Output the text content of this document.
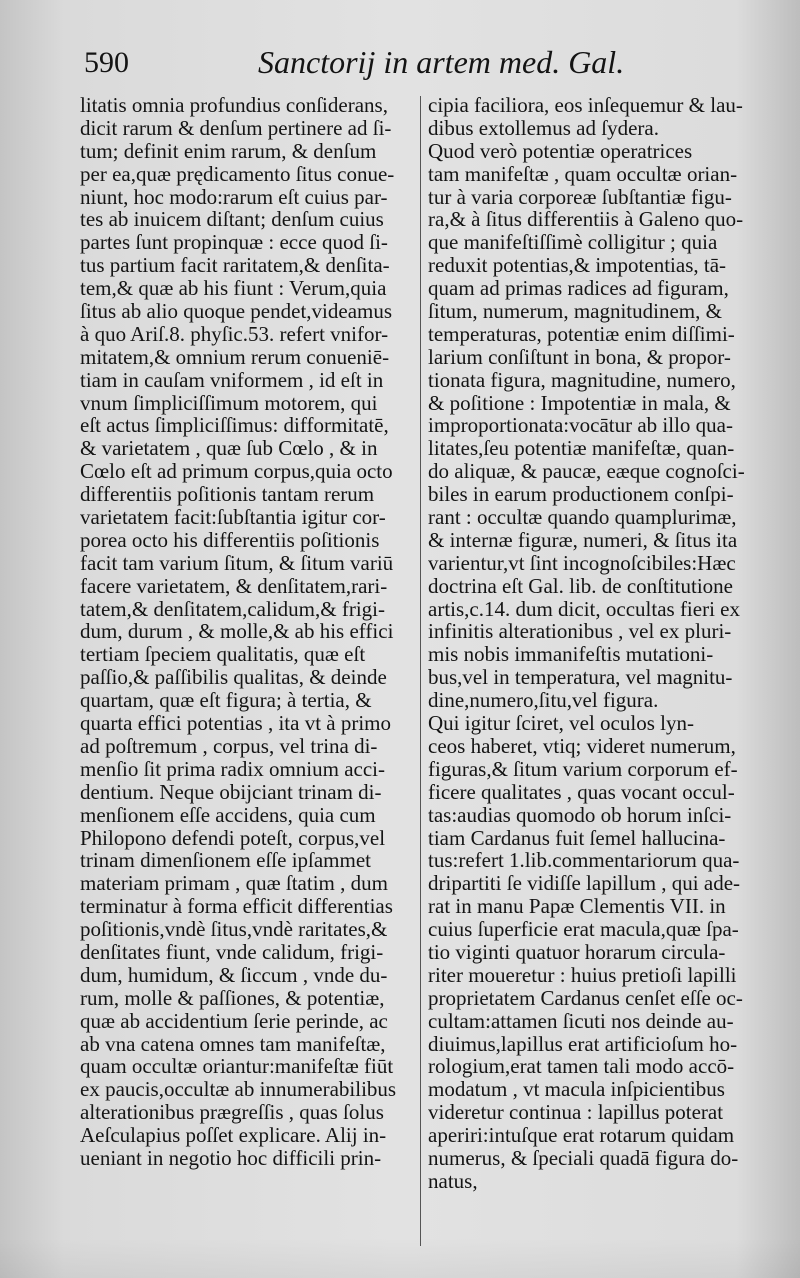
590	Sanctorij in artem med. Gal.
litatis omnia profundius conſiderans,
dicit rarum & denſum pertinere ad ſi-
tum; definit enim rarum, & denſum
per ea,quæ prędicamento ſitus conue-
niunt, hoc modo:rarum eſt cuius par-
tes ab inuicem diſtant; denſum cuius
partes ſunt propinquæ : ecce quod ſi-
tus partium facit raritatem,& denſita-
tem,& quæ ab his fiunt : Verum,quia
ſitus ab alio quoque pendet,videamus
à quo Ariſ.8. phyſic.53. refert vnifor-
mitatem,& omnium rerum conueniē-
tiam in cauſam vniformem , id eſt in
vnum ſimpliciſſimum motorem, qui
eſt actus ſimpliciſſimus: difformitatē,
& varietatem , quæ ſub Cœlo , & in
Cœlo eſt ad primum corpus,quia octo
differentiis poſitionis tantam rerum
varietatem facit:ſubſtantia igitur cor-
porea octo his differentiis poſitionis
facit tam varium ſitum, & ſitum variū
facere varietatem, & denſitatem,rari-
tatem,& denſitatem,calidum,& frigi-
dum, durum , & molle,& ab his effici
tertiam ſpeciem qualitatis, quæ eſt
paſſio,& paſſibilis qualitas, & deinde
quartam, quæ eſt figura; à tertia, &
quarta effici potentias , ita vt à primo
ad poſtremum , corpus, vel trina di-
menſio ſit prima radix omnium acci-
dentium. Neque obijciant trinam di-
menſionem eſſe accidens, quia cum
Philopono defendi poteſt, corpus,vel
trinam dimenſionem eſſe ipſammet
materiam primam , quæ ſtatim , dum
terminatur à forma efficit differentias
poſitionis,vndè ſitus,vndè raritates,&
denſitates fiunt, vnde calidum, frigi-
dum, humidum, & ſiccum , vnde du-
rum, molle & paſſiones, & potentiæ,
quæ ab accidentium ſerie perinde, ac
ab vna catena omnes tam manifeſtæ,
quam occultæ oriantur:manifeſtæ fiūt
ex paucis,occultæ ab innumerabilibus
alterationibus prægreſſis , quas ſolus
Aeſculapius poſſet explicare. Alij in-
ueniant in negotio hoc difficili prin-
cipia faciliora, eos inſequemur & lau-
dibus extollemus ad ſydera.
Quod verò potentiæ operatrices
tam manifeſtæ , quam occultæ orian-
tur à varia corporeæ ſubſtantiæ figu-
ra,& à ſitus differentiis à Galeno quo-
que manifeſtiſſimè colligitur ; quia
reduxit potentias,& impotentias, tā-
quam ad primas radices ad figuram,
ſitum, numerum, magnitudinem, &
temperaturas, potentiæ enim diſſimi-
larium conſiſtunt in bona, & propor-
tionata figura, magnitudine, numero,
& poſitione : Impotentiæ in mala, &
improportionata:vocātur ab illo qua-
litates,ſeu potentiæ manifeſtæ, quan-
do aliquæ, & paucæ, eæque cognoſci-
biles in earum productionem conſpi-
rant : occultæ quando quamplurimæ,
& internæ figuræ, numeri, & ſitus ita
varientur,vt ſint incognoſcibiles:Hæc
doctrina eſt Gal. lib. de conſtitutione
artis,c.14. dum dicit, occultas fieri ex
infinitis alterationibus , vel ex pluri-
mis nobis immanifeſtis mutationi-
bus,vel in temperatura, vel magnitu-
dine,numero,ſitu,vel figura.
Qui igitur ſciret, vel oculos lyn-
ceos haberet, vtiq; videret numerum,
figuras,& ſitum varium corporum ef-
ficere qualitates , quas vocant occul-
tas:audias quomodo ob horum inſci-
tiam Cardanus fuit ſemel hallucina-
tus:refert 1.lib.commentariorum qua-
dripartiti ſe vidiſſe lapillum , qui ade-
rat in manu Papæ Clementis VII. in
cuius ſuperficie erat macula,quæ ſpa-
tio viginti quatuor horarum circula-
riter moueretur : huius pretioſi lapilli
proprietatem Cardanus cenſet eſſe oc-
cultam:attamen ſicuti nos deinde au-
diuimus,lapillus erat artificioſum ho-
rologium,erat tamen tali modo accō-
modatum , vt macula inſpicientibus
videretur continua : lapillus poterat
aperiri:intuſque erat rotarum quidam
numerus, & ſpeciali quadā figura do-
natus,
